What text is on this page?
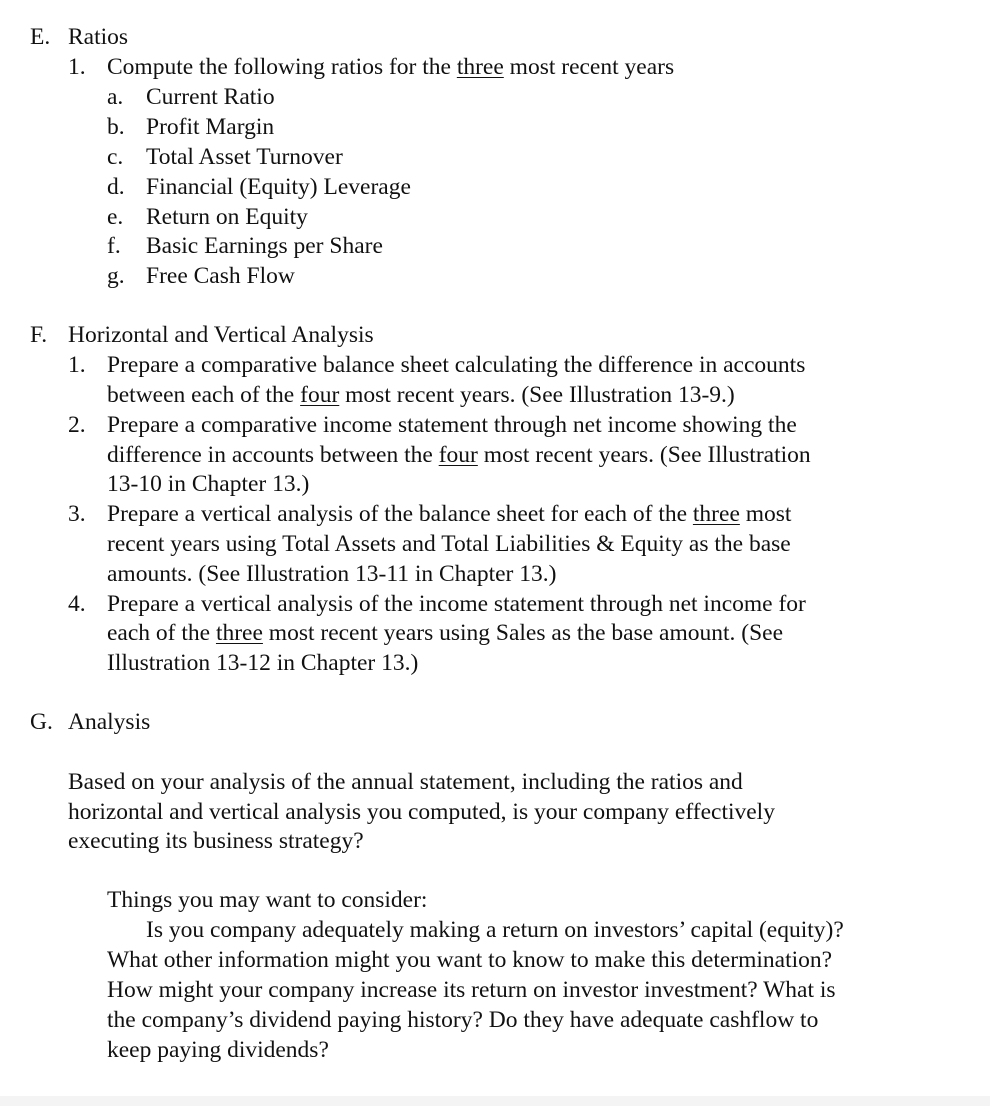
E. Ratios
1. Compute the following ratios for the three most recent years
a. Current Ratio
b. Profit Margin
c. Total Asset Turnover
d. Financial (Equity) Leverage
e. Return on Equity
f. Basic Earnings per Share
g. Free Cash Flow
F. Horizontal and Vertical Analysis
1. Prepare a comparative balance sheet calculating the difference in accounts
between each of the four most recent years. (See Illustration 13-9.)
2. Prepare a comparative income statement through net income showing the
difference in accounts between the four most recent years. (See Illustration
13-10 in Chapter 13.)
3. Prepare a vertical analysis of the balance sheet for each of the three most
recent years using Total Assets and Total Liabilities & Equity as the base
amounts. (See Illustration 13-11 in Chapter 13.)
4. Prepare a vertical analysis of the income statement through net income for
each of the three most recent years using Sales as the base amount. (See
Illustration 13-12 in Chapter 13.)
G. Analysis
Based on your analysis of the annual statement, including the ratios and
horizontal and vertical analysis you computed, is your company effectively
executing its business strategy?
Things you may want to consider:
Is you company adequately making a return on investors’ capital (equity)?
What other information might you want to know to make this determination?
How might your company increase its return on investor investment? What is
the company’s dividend paying history? Do they have adequate cashflow to
keep paying dividends?
